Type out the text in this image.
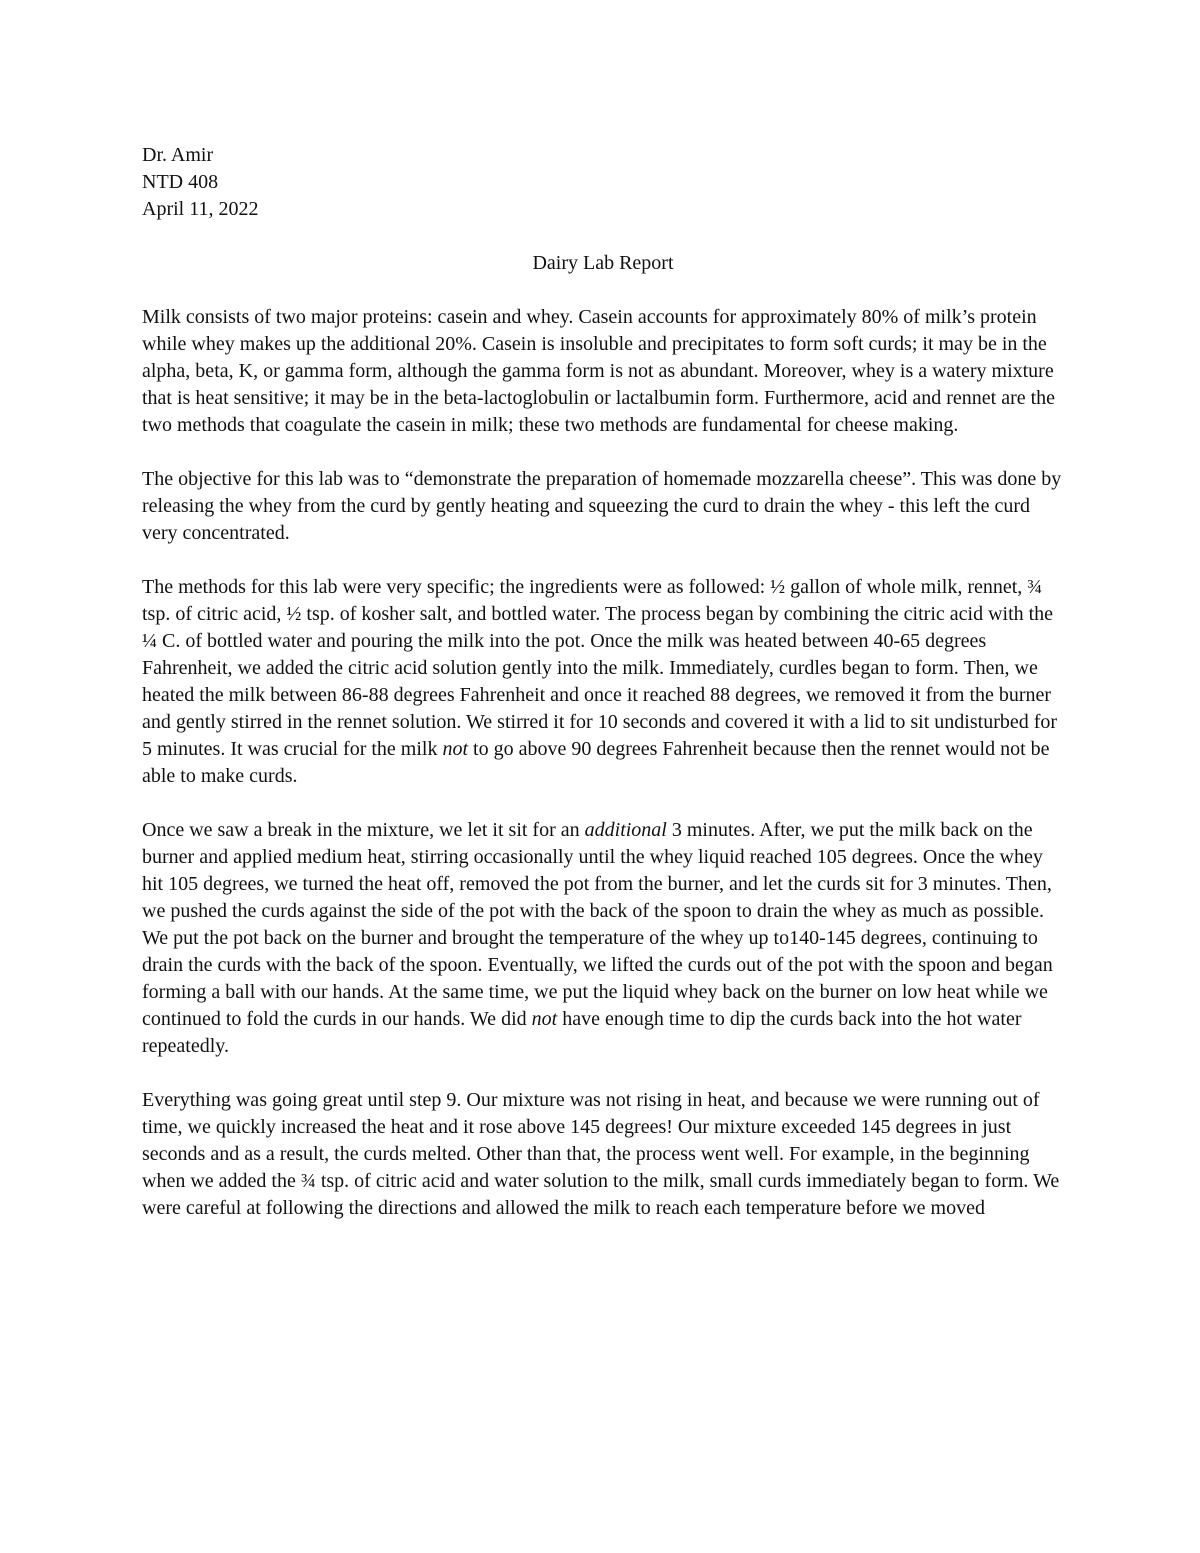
Dr. Amir
NTD 408
April 11, 2022
Dairy Lab Report

Milk consists of two major proteins: casein and whey. Casein accounts for approximately 80% of milk’s protein while whey makes up the additional 20%. Casein is insoluble and precipitates to form soft curds; it may be in the alpha, beta, K, or gamma form, although the gamma form is not as abundant. Moreover, whey is a watery mixture that is heat sensitive; it may be in the beta-lactoglobulin or lactalbumin form. Furthermore, acid and rennet are the two methods that coagulate the casein in milk; these two methods are fundamental for cheese making.

The objective for this lab was to “demonstrate the preparation of homemade mozzarella cheese”. This was done by releasing the whey from the curd by gently heating and squeezing the curd to drain the whey - this left the curd very concentrated.

The methods for this lab were very specific; the ingredients were as followed: ½ gallon of whole milk, rennet, ¾ tsp. of citric acid, ½ tsp. of kosher salt, and bottled water. The process began by combining the citric acid with the ¼ C. of bottled water and pouring the milk into the pot. Once the milk was heated between 40-65 degrees Fahrenheit, we added the citric acid solution gently into the milk. Immediately, curdles began to form. Then, we heated the milk between 86-88 degrees Fahrenheit and once it reached 88 degrees, we removed it from the burner and gently stirred in the rennet solution. We stirred it for 10 seconds and covered it with a lid to sit undisturbed for 5 minutes. It was crucial for the milk not to go above 90 degrees Fahrenheit because then the rennet would not be able to make curds.

Once we saw a break in the mixture, we let it sit for an additional 3 minutes. After, we put the milk back on the burner and applied medium heat, stirring occasionally until the whey liquid reached 105 degrees. Once the whey hit 105 degrees, we turned the heat off, removed the pot from the burner, and let the curds sit for 3 minutes. Then, we pushed the curds against the side of the pot with the back of the spoon to drain the whey as much as possible. We put the pot back on the burner and brought the temperature of the whey up to140-145 degrees, continuing to drain the curds with the back of the spoon. Eventually, we lifted the curds out of the pot with the spoon and began forming a ball with our hands. At the same time, we put the liquid whey back on the burner on low heat while we continued to fold the curds in our hands. We did not have enough time to dip the curds back into the hot water repeatedly.

Everything was going great until step 9. Our mixture was not rising in heat, and because we were running out of time, we quickly increased the heat and it rose above 145 degrees! Our mixture exceeded 145 degrees in just seconds and as a result, the curds melted. Other than that, the process went well. For example, in the beginning when we added the ¾ tsp. of citric acid and water solution to the milk, small curds immediately began to form. We were careful at following the directions and allowed the milk to reach each temperature before we moved
